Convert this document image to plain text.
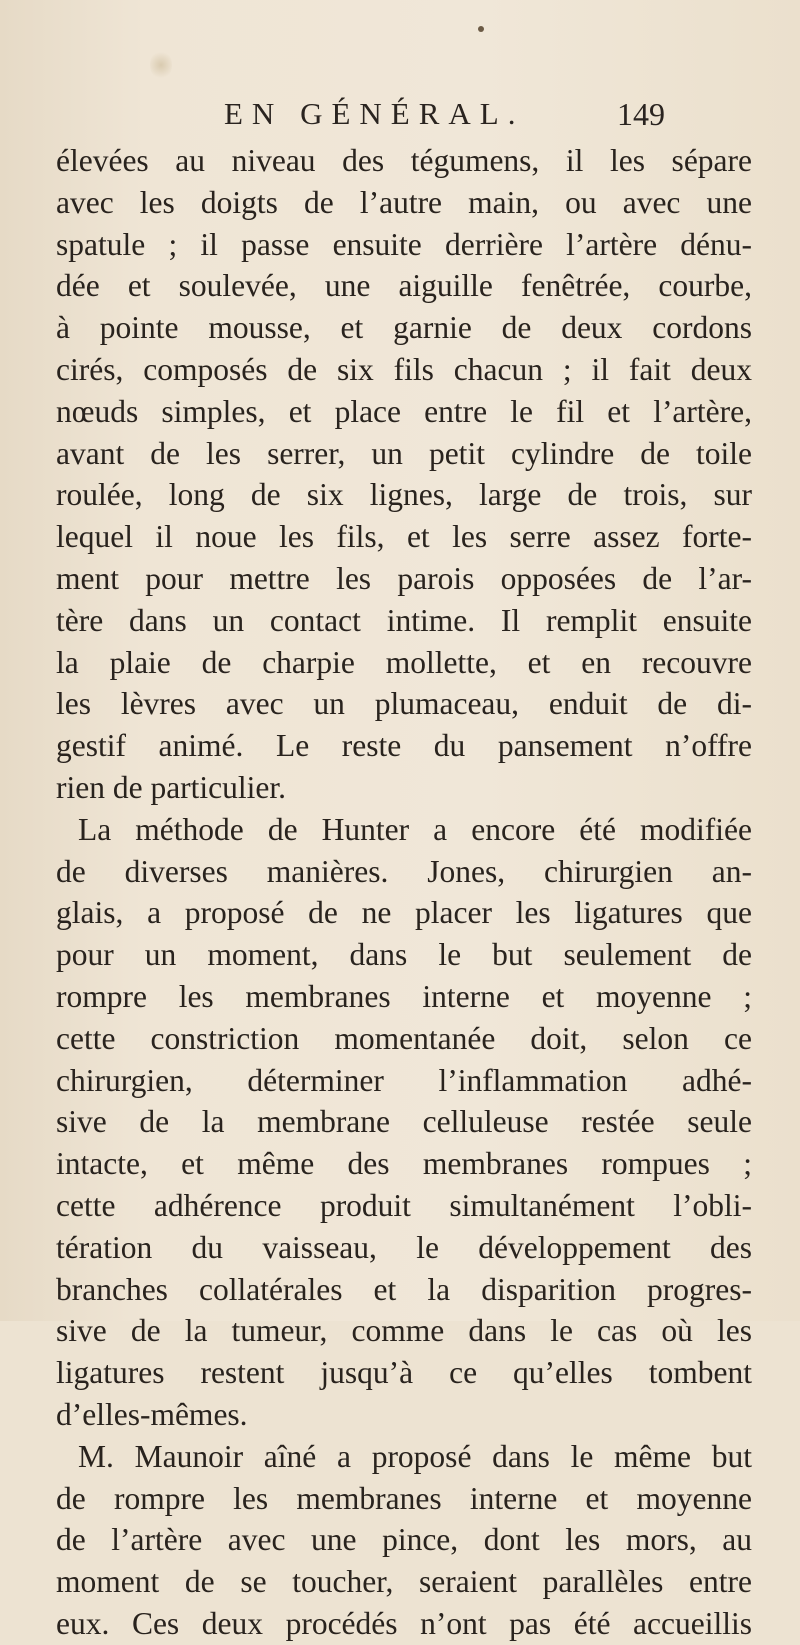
EN GÉNÉRAL.	149
élevées au niveau des tégumens, il les sépare
avec les doigts de l’autre main, ou avec une
spatule ; il passe ensuite derrière l’artère dénu-
dée et soulevée, une aiguille fenêtrée, courbe,
à pointe mousse, et garnie de deux cordons
cirés, composés de six fils chacun ; il fait deux
nœuds simples, et place entre le fil et l’artère,
avant de les serrer, un petit cylindre de toile
roulée, long de six lignes, large de trois, sur
lequel il noue les fils, et les serre assez forte-
ment pour mettre les parois opposées de l’ar-
tère dans un contact intime. Il remplit ensuite
la plaie de charpie mollette, et en recouvre
les lèvres avec un plumaceau, enduit de di-
gestif animé. Le reste du pansement n’offre
rien de particulier.
La méthode de Hunter a encore été modifiée
de diverses manières. Jones, chirurgien an-
glais, a proposé de ne placer les ligatures que
pour un moment, dans le but seulement de
rompre les membranes interne et moyenne ;
cette constriction momentanée doit, selon ce
chirurgien, déterminer l’inflammation adhé-
sive de la membrane celluleuse restée seule
intacte, et même des membranes rompues ;
cette adhérence produit simultanément l’obli-
tération du vaisseau, le développement des
branches collatérales et la disparition progres-
sive de la tumeur, comme dans le cas où les
ligatures restent jusqu’à ce qu’elles tombent
d’elles-mêmes.
M. Maunoir aîné a proposé dans le même but
de rompre les membranes interne et moyenne
de l’artère avec une pince, dont les mors, au
moment de se toucher, seraient parallèles entre
eux. Ces deux procédés n’ont pas été accueillis
